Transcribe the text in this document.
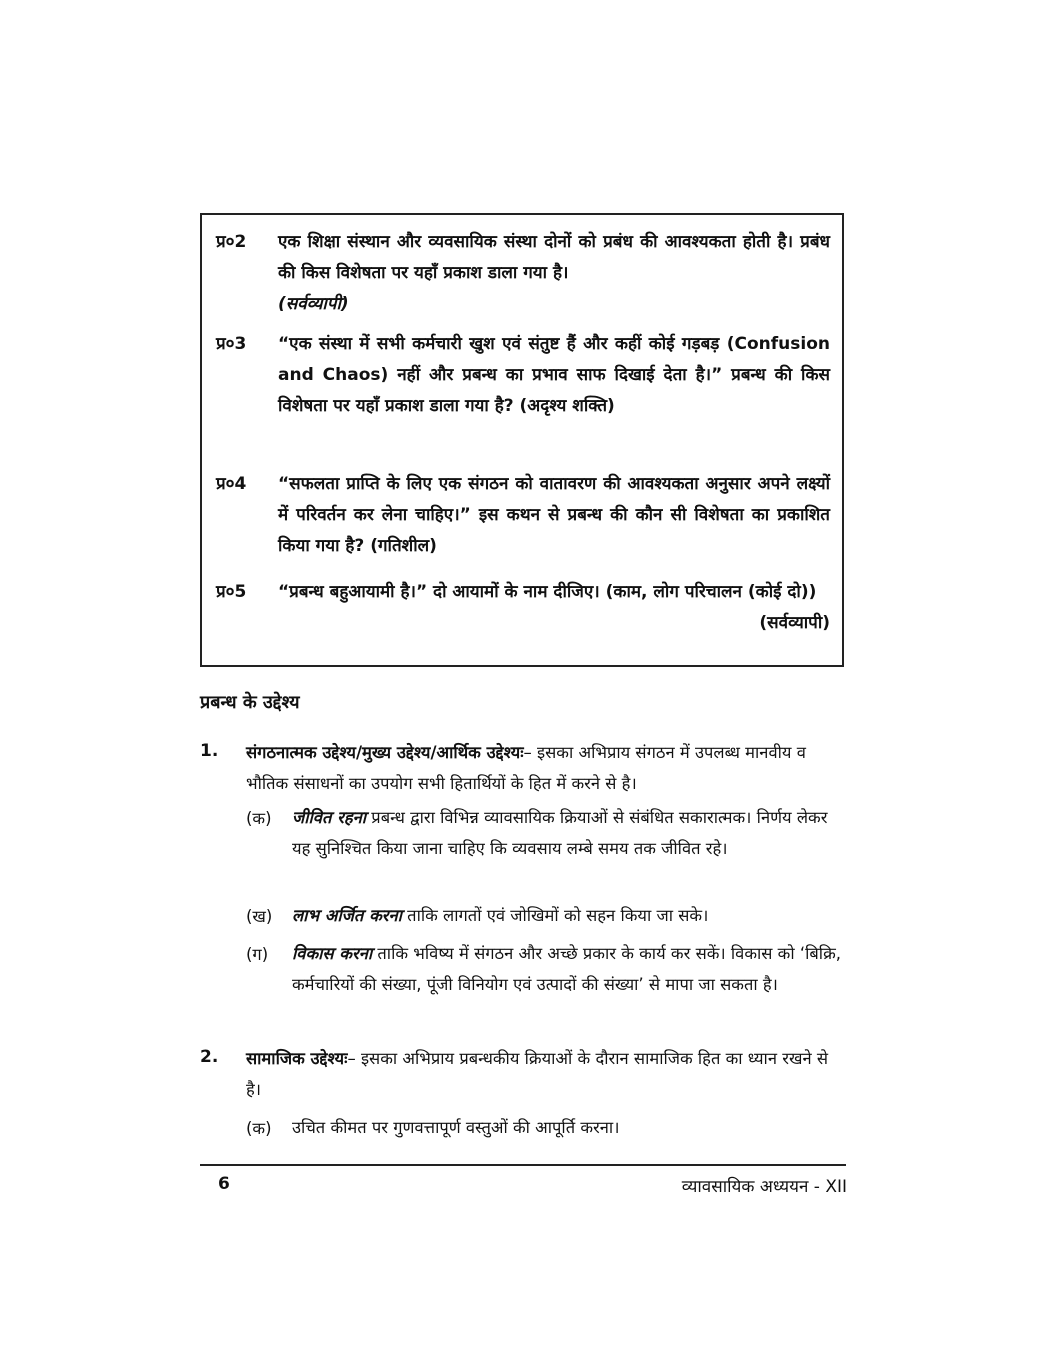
प्र०2 एक शिक्षा संस्थान और व्यवसायिक संस्था दोनों को प्रबंध की आवश्यकता होती है। प्रबंध की किस विशेषता पर यहाँ प्रकाश डाला गया है।
(सर्वव्यापी)
प्र०3 “एक संस्था में सभी कर्मचारी खुश एवं संतुष्ट हैं और कहीं कोई गड़बड़ (Confusion and Chaos) नहीं और प्रबन्ध का प्रभाव साफ दिखाई देता है।” प्रबन्ध की किस विशेषता पर यहाँ प्रकाश डाला गया है? (अदृश्य शक्ति)
प्र०4 “सफलता प्राप्ति के लिए एक संगठन को वातावरण की आवश्यकता अनुसार अपने लक्ष्यों में परिवर्तन कर लेना चाहिए।” इस कथन से प्रबन्ध की कौन सी विशेषता का प्रकाशित किया गया है? (गतिशील)
प्र०5 “प्रबन्ध बहुआयामी है।” दो आयामों के नाम दीजिए। (काम, लोग परिचालन (कोई दो))
(सर्वव्यापी)
प्रबन्ध के उद्देश्य
1. संगठनात्मक उद्देश्य/मुख्य उद्देश्य/आर्थिक उद्देश्यः– इसका अभिप्राय संगठन में उपलब्ध मानवीय व भौतिक संसाधनों का उपयोग सभी हितार्थियों के हित में करने से है।
(क) जीवित रहना प्रबन्ध द्वारा विभिन्न व्यावसायिक क्रियाओं से संबंधित सकारात्मक। निर्णय लेकर यह सुनिश्चित किया जाना चाहिए कि व्यवसाय लम्बे समय तक जीवित रहे।
(ख) लाभ अर्जित करना ताकि लागतों एवं जोखिमों को सहन किया जा सके।
(ग) विकास करना ताकि भविष्य में संगठन और अच्छे प्रकार के कार्य कर सकें। विकास को ‘बिक्रि, कर्मचारियों की संख्या, पूंजी विनियोग एवं उत्पादों की संख्या’ से मापा जा सकता है।
2. सामाजिक उद्देश्यः– इसका अभिप्राय प्रबन्धकीय क्रियाओं के दौरान सामाजिक हित का ध्यान रखने से है।
(क) उचित कीमत पर गुणवत्तापूर्ण वस्तुओं की आपूर्ति करना।
6	व्यावसायिक अध्ययन - XII
